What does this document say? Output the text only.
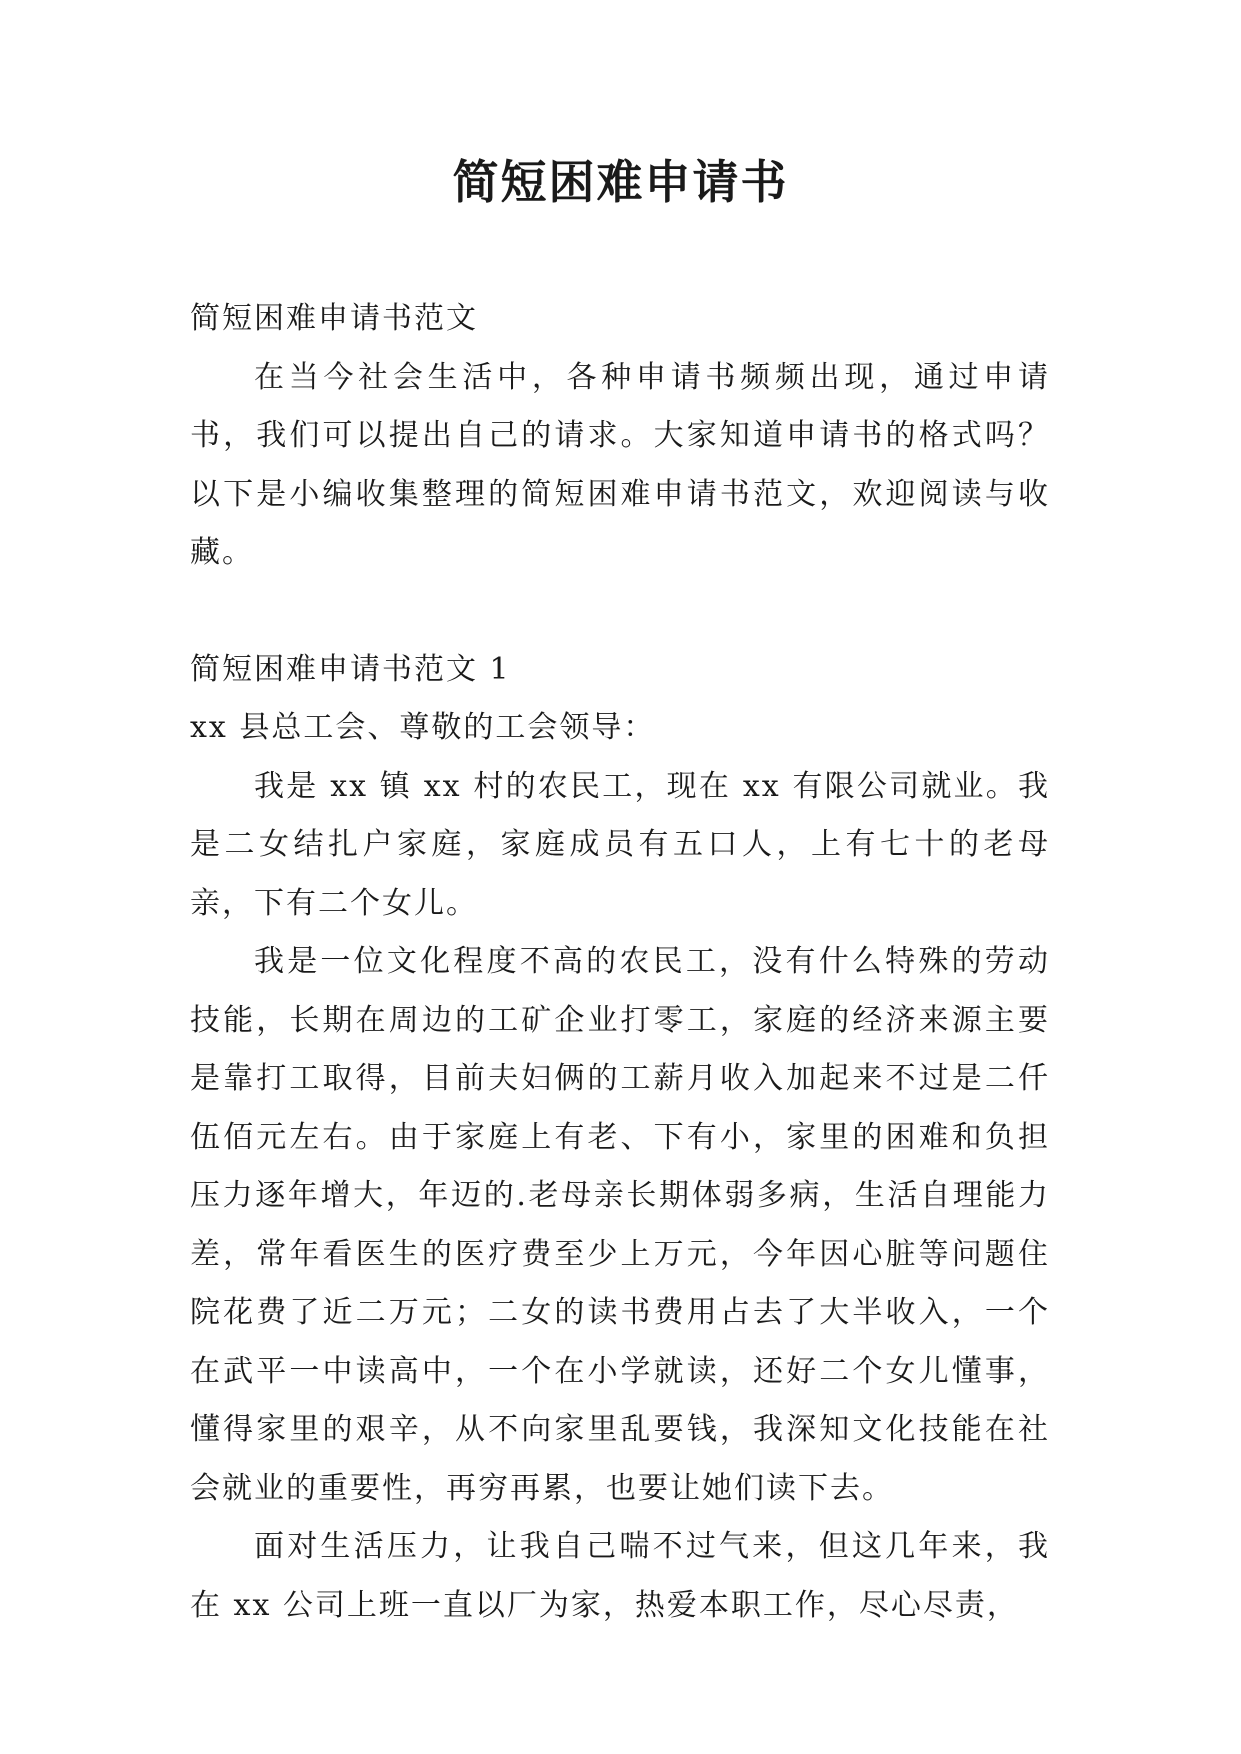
简短困难申请书

简短困难申请书范文

在当今社会生活中，各种申请书频频出现，通过申请书，我们可以提出自己的请求。大家知道申请书的格式吗？以下是小编收集整理的简短困难申请书范文，欢迎阅读与收藏。

简短困难申请书范文 1

xx 县总工会、尊敬的工会领导：

我是 xx 镇 xx 村的农民工，现在 xx 有限公司就业。我是二女结扎户家庭，家庭成员有五口人，上有七十的老母亲，下有二个女儿。

我是一位文化程度不高的农民工，没有什么特殊的劳动技能，长期在周边的工矿企业打零工，家庭的经济来源主要是靠打工取得，目前夫妇俩的工薪月收入加起来不过是二仟伍佰元左右。由于家庭上有老、下有小，家里的困难和负担压力逐年增大，年迈的.老母亲长期体弱多病，生活自理能力差，常年看医生的医疗费至少上万元，今年因心脏等问题住院花费了近二万元；二女的读书费用占去了大半收入，一个在武平一中读高中，一个在小学就读，还好二个女儿懂事，懂得家里的艰辛，从不向家里乱要钱，我深知文化技能在社会就业的重要性，再穷再累，也要让她们读下去。

面对生活压力，让我自己喘不过气来，但这几年来，我在 xx 公司上班一直以厂为家，热爱本职工作，尽心尽责，
